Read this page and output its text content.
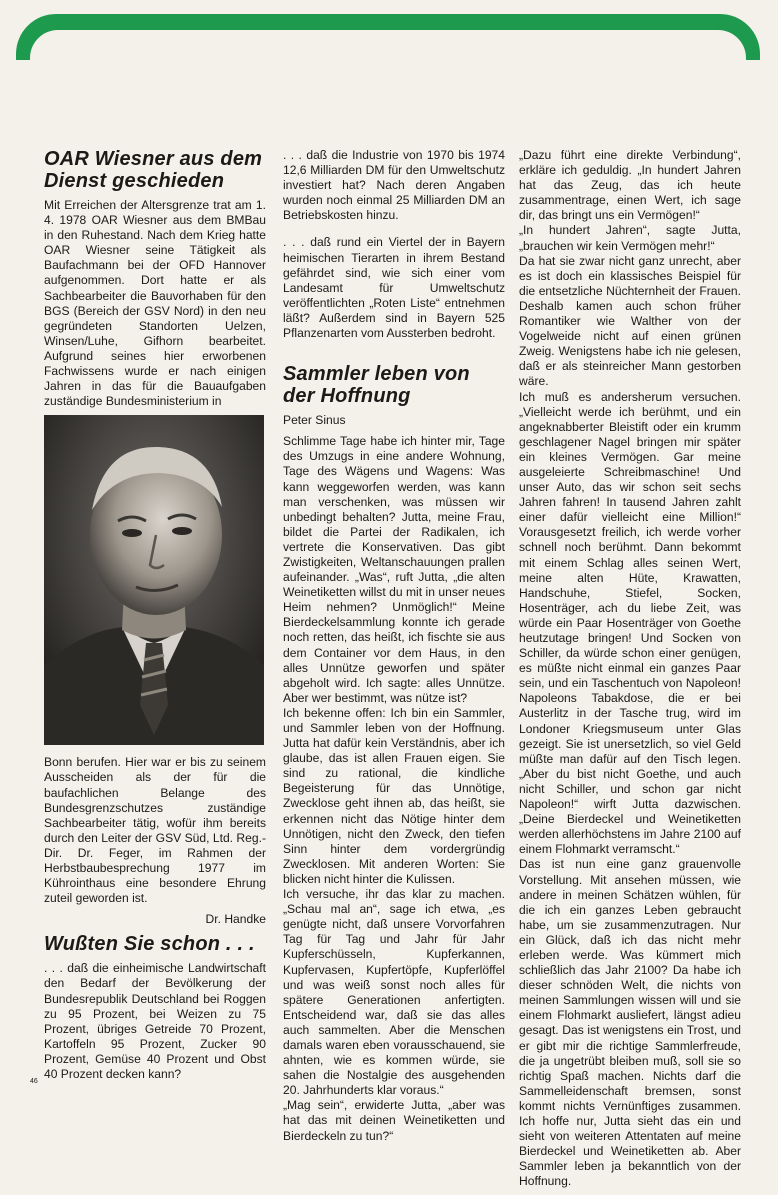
OAR Wiesner aus dem Dienst geschieden

Mit Erreichen der Altersgrenze trat am 1. 4. 1978 OAR Wiesner aus dem BMBau in den Ruhestand. Nach dem Krieg hatte OAR Wiesner seine Tätigkeit als Baufachmann bei der OFD Hannover aufgenommen. Dort hatte er als Sachbearbeiter die Bauvorhaben für den BGS (Bereich der GSV Nord) in den neu gegründeten Standorten Uelzen, Winsen/Luhe, Gifhorn bearbeitet. Aufgrund seines hier erworbenen Fachwissens wurde er nach einigen Jahren in das für die Bauaufgaben zuständige Bundesministerium in

Bonn berufen. Hier war er bis zu seinem Ausscheiden als der für die baufachlichen Belange des Bundesgrenzschutzes zuständige Sachbearbeiter tätig, wofür ihm bereits durch den Leiter der GSV Süd, Ltd. Reg.-Dir. Dr. Feger, im Rahmen der Herbstbaubesprechung 1977 im Kührointhaus eine besondere Ehrung zuteil geworden ist.

Dr. Handke

Wußten Sie schon . . .

. . . daß die einheimische Landwirtschaft den Bedarf der Bevölkerung der Bundesrepublik Deutschland bei Roggen zu 95 Prozent, bei Weizen zu 75 Prozent, übriges Getreide 70 Prozent, Kartoffeln 95 Prozent, Zucker 90 Prozent, Gemüse 40 Prozent und Obst 40 Prozent decken kann?

. . . daß die Industrie von 1970 bis 1974 12,6 Milliarden DM für den Umweltschutz investiert hat? Nach deren Angaben wurden noch einmal 25 Milliarden DM an Betriebskosten hinzu.

. . . daß rund ein Viertel der in Bayern heimischen Tierarten in ihrem Bestand gefährdet sind, wie sich einer vom Landesamt für Umweltschutz veröffentlichten „Roten Liste“ entnehmen läßt? Außerdem sind in Bayern 525 Pflanzenarten vom Aussterben bedroht.

Sammler leben von der Hoffnung

Peter Sinus

Schlimme Tage habe ich hinter mir, Tage des Umzugs in eine andere Wohnung, Tage des Wägens und Wagens: Was kann weggeworfen werden, was kann man verschenken, was müssen wir unbedingt behalten? Jutta, meine Frau, bildet die Partei der Radikalen, ich vertrete die Konservativen. Das gibt Zwistigkeiten, Weltanschauungen prallen aufeinander. „Was“, ruft Jutta, „die alten Weinetiketten willst du mit in unser neues Heim nehmen? Unmöglich!“ Meine Bierdeckelsammlung konnte ich gerade noch retten, das heißt, ich fischte sie aus dem Container vor dem Haus, in den alles Unnütze geworfen und später abgeholt wird. Ich sagte: alles Unnütze. Aber wer bestimmt, was nütze ist?

Ich bekenne offen: Ich bin ein Sammler, und Sammler leben von der Hoffnung. Jutta hat dafür kein Verständnis, aber ich glaube, das ist allen Frauen eigen. Sie sind zu rational, die kindliche Begeisterung für das Unnötige, Zwecklose geht ihnen ab, das heißt, sie erkennen nicht das Nötige hinter dem Unnötigen, nicht den Zweck, den tiefen Sinn hinter dem vordergründig Zwecklosen. Mit anderen Worten: Sie blicken nicht hinter die Kulissen.

Ich versuche, ihr das klar zu machen. „Schau mal an“, sage ich etwa, „es genügte nicht, daß unsere Vorvorfahren Tag für Tag und Jahr für Jahr Kupferschüsseln, Kupferkannen, Kupfervasen, Kupfertöpfe, Kupferlöffel und was weiß sonst noch alles für spätere Generationen anfertigten. Entscheidend war, daß sie das alles auch sammelten. Aber die Menschen damals waren eben vorausschauend, sie ahnten, wie es kommen würde, sie sahen die Nostalgie des ausgehenden 20. Jahrhunderts klar voraus.“

„Mag sein“, erwiderte Jutta, „aber was hat das mit deinen Weinetiketten und Bierdeckeln zu tun?“

„Dazu führt eine direkte Verbindung“, erkläre ich geduldig. „In hundert Jahren hat das Zeug, das ich heute zusammentrage, einen Wert, ich sage dir, das bringt uns ein Vermögen!“

„In hundert Jahren“, sagte Jutta, „brauchen wir kein Vermögen mehr!“

Da hat sie zwar nicht ganz unrecht, aber es ist doch ein klassisches Beispiel für die entsetzliche Nüchternheit der Frauen. Deshalb kamen auch schon früher Romantiker wie Walther von der Vogelweide nicht auf einen grünen Zweig. Wenigstens habe ich nie gelesen, daß er als steinreicher Mann gestorben wäre.

Ich muß es andersherum versuchen. „Vielleicht werde ich berühmt, und ein angeknabberter Bleistift oder ein krumm geschlagener Nagel bringen mir später ein kleines Vermögen. Gar meine ausgeleierte Schreibmaschine! Und unser Auto, das wir schon seit sechs Jahren fahren! In tausend Jahren zahlt einer dafür vielleicht eine Million!“ Vorausgesetzt freilich, ich werde vorher schnell noch berühmt. Dann bekommt mit einem Schlag alles seinen Wert, meine alten Hüte, Krawatten, Handschuhe, Stiefel, Socken, Hosenträger, ach du liebe Zeit, was würde ein Paar Hosenträger von Goethe heutzutage bringen! Und Socken von Schiller, da würde schon einer genügen, es müßte nicht einmal ein ganzes Paar sein, und ein Taschentuch von Napoleon! Napoleons Tabakdose, die er bei Austerlitz in der Tasche trug, wird im Londoner Kriegsmuseum unter Glas gezeigt. Sie ist unersetzlich, so viel Geld müßte man dafür auf den Tisch legen. „Aber du bist nicht Goethe, und auch nicht Schiller, und schon gar nicht Napoleon!“ wirft Jutta dazwischen. „Deine Bierdeckel und Weinetiketten werden allerhöchstens im Jahre 2100 auf einem Flohmarkt verramscht.“

Das ist nun eine ganz grauenvolle Vorstellung. Mit ansehen müssen, wie andere in meinen Schätzen wühlen, für die ich ein ganzes Leben gebraucht habe, um sie zusammenzutragen. Nur ein Glück, daß ich das nicht mehr erleben werde. Was kümmert mich schließlich das Jahr 2100? Da habe ich dieser schnöden Welt, die nichts von meinen Sammlungen wissen will und sie einem Flohmarkt ausliefert, längst adieu gesagt. Das ist wenigstens ein Trost, und er gibt mir die richtige Sammlerfreude, die ja ungetrübt bleiben muß, soll sie so richtig Spaß machen. Nichts darf die Sammelleidenschaft bremsen, sonst kommt nichts Vernünftiges zusammen. Ich hoffe nur, Jutta sieht das ein und sieht von weiteren Attentaten auf meine Bierdeckel und Weinetiketten ab. Aber Sammler leben ja bekanntlich von der Hoffnung.

46
